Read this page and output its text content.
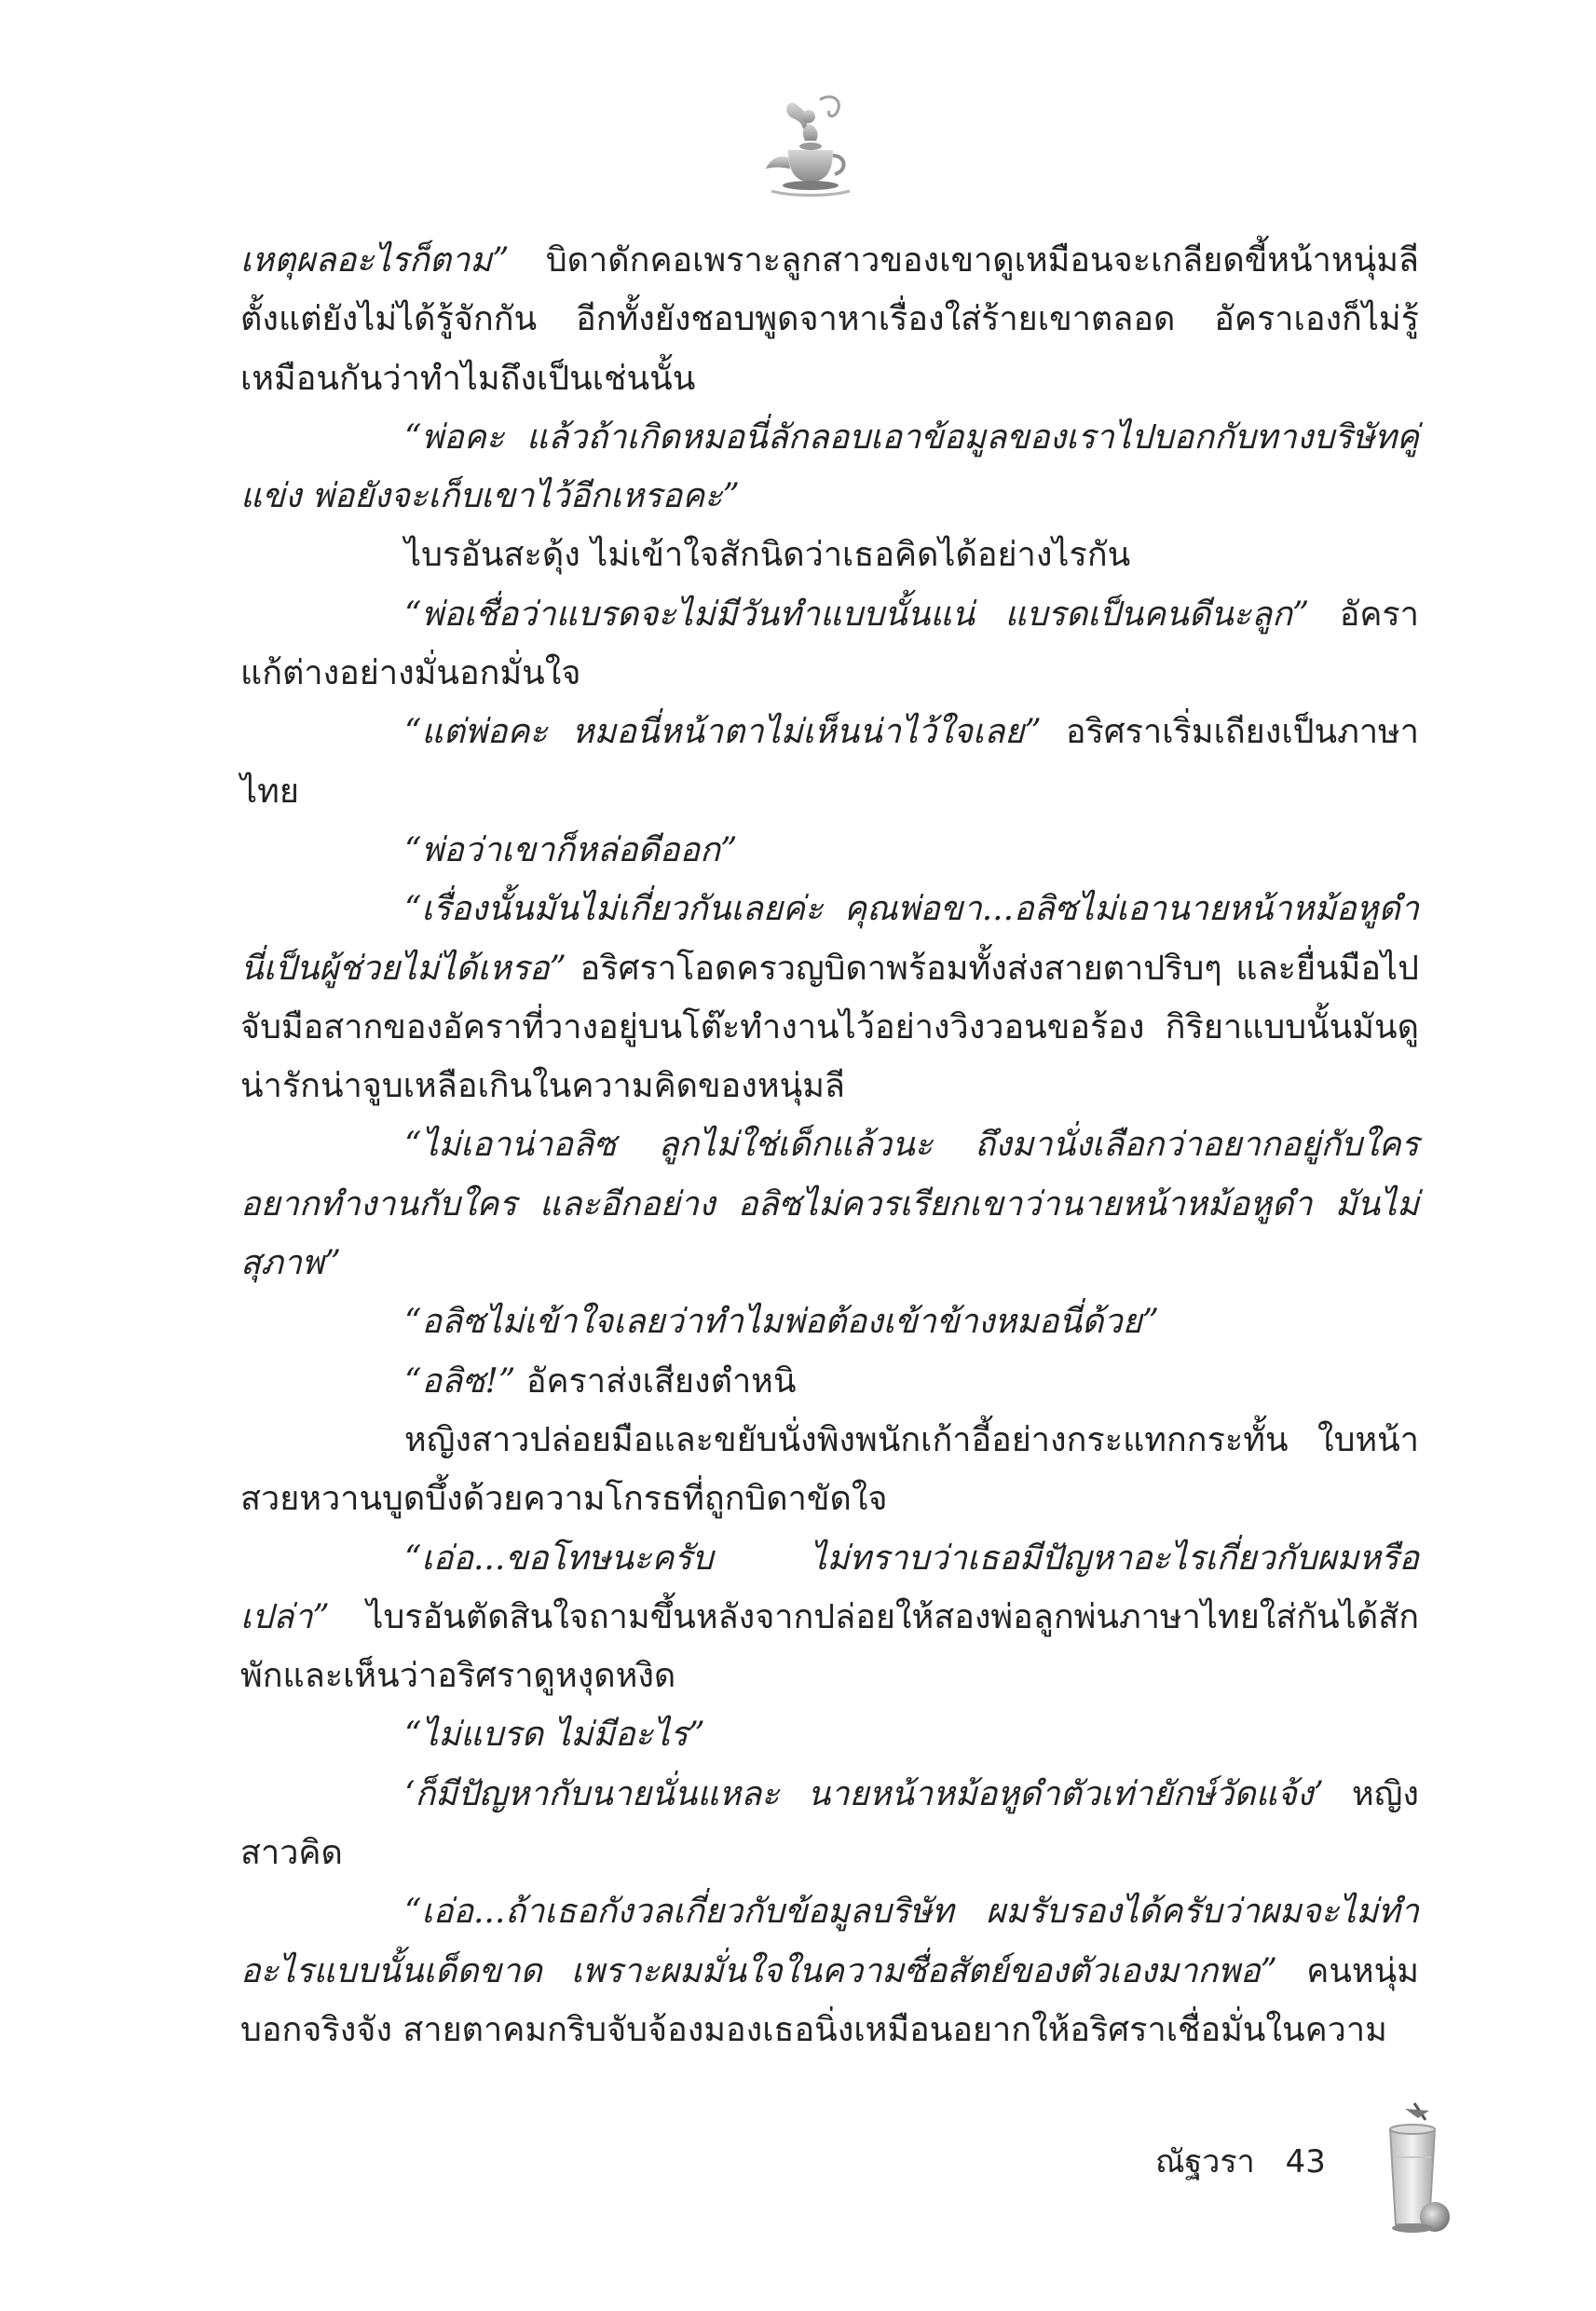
เหตุผลอะไรก็ตาม” บิดาดักคอเพราะลูกสาวของเขาดูเหมือนจะเกลียดขี้หน้าหนุ่มลีตั้งแต่ยังไม่ได้รู้จักกัน อีกทั้งยังชอบพูดจาหาเรื่องใส่ร้ายเขาตลอด อัคราเองก็ไม่รู้เหมือนกันว่าทำไมถึงเป็นเช่นนั้น

“พ่อคะ แล้วถ้าเกิดหมอนี่ลักลอบเอาข้อมูลของเราไปบอกกับทางบริษัทคู่แข่ง พ่อยังจะเก็บเขาไว้อีกเหรอคะ”

ไบรอันสะดุ้ง ไม่เข้าใจสักนิดว่าเธอคิดได้อย่างไรกัน

“พ่อเชื่อว่าแบรดจะไม่มีวันทำแบบนั้นแน่ แบรดเป็นคนดีนะลูก” อัคราแก้ต่างอย่างมั่นอกมั่นใจ

“แต่พ่อคะ หมอนี่หน้าตาไม่เห็นน่าไว้ใจเลย” อริศราเริ่มเถียงเป็นภาษาไทย

“พ่อว่าเขาก็หล่อดีออก”

“เรื่องนั้นมันไม่เกี่ยวกันเลยค่ะ คุณพ่อขา...อลิซไม่เอานายหน้าหม้อหูดำนี่เป็นผู้ช่วยไม่ได้เหรอ” อริศราโอดครวญบิดาพร้อมทั้งส่งสายตาปริบๆ และยื่นมือไปจับมือสากของอัคราที่วางอยู่บนโต๊ะทำงานไว้อย่างวิงวอนขอร้อง กิริยาแบบนั้นมันดูน่ารักน่าจูบเหลือเกินในความคิดของหนุ่มลี

“ไม่เอาน่าอลิซ ลูกไม่ใช่เด็กแล้วนะ ถึงมานั่งเลือกว่าอยากอยู่กับใครอยากทำงานกับใคร และอีกอย่าง อลิซไม่ควรเรียกเขาว่านายหน้าหม้อหูดำ มันไม่สุภาพ”

“อลิซไม่เข้าใจเลยว่าทำไมพ่อต้องเข้าข้างหมอนี่ด้วย”

“อลิซ!” อัคราส่งเสียงตำหนิ

หญิงสาวปล่อยมือและขยับนั่งพิงพนักเก้าอี้อย่างกระแทกกระทั้น ใบหน้าสวยหวานบูดบึ้งด้วยความโกรธที่ถูกบิดาขัดใจ

“เอ่อ...ขอโทษนะครับ ไม่ทราบว่าเธอมีปัญหาอะไรเกี่ยวกับผมหรือเปล่า” ไบรอันตัดสินใจถามขึ้นหลังจากปล่อยให้สองพ่อลูกพ่นภาษาไทยใส่กันได้สักพักและเห็นว่าอริศราดูหงุดหงิด

“ไม่แบรด ไม่มีอะไร”

‘ก็มีปัญหากับนายนั่นแหละ นายหน้าหม้อหูดำตัวเท่ายักษ์วัดแจ้ง’ หญิงสาวคิด

“เอ่อ...ถ้าเธอกังวลเกี่ยวกับข้อมูลบริษัท ผมรับรองได้ครับว่าผมจะไม่ทำอะไรแบบนั้นเด็ดขาด เพราะผมมั่นใจในความซื่อสัตย์ของตัวเองมากพอ” คนหนุ่มบอกจริงจัง สายตาคมกริบจับจ้องมองเธอนิ่งเหมือนอยากให้อริศราเชื่อมั่นในความ

ณัฐวรา 43
